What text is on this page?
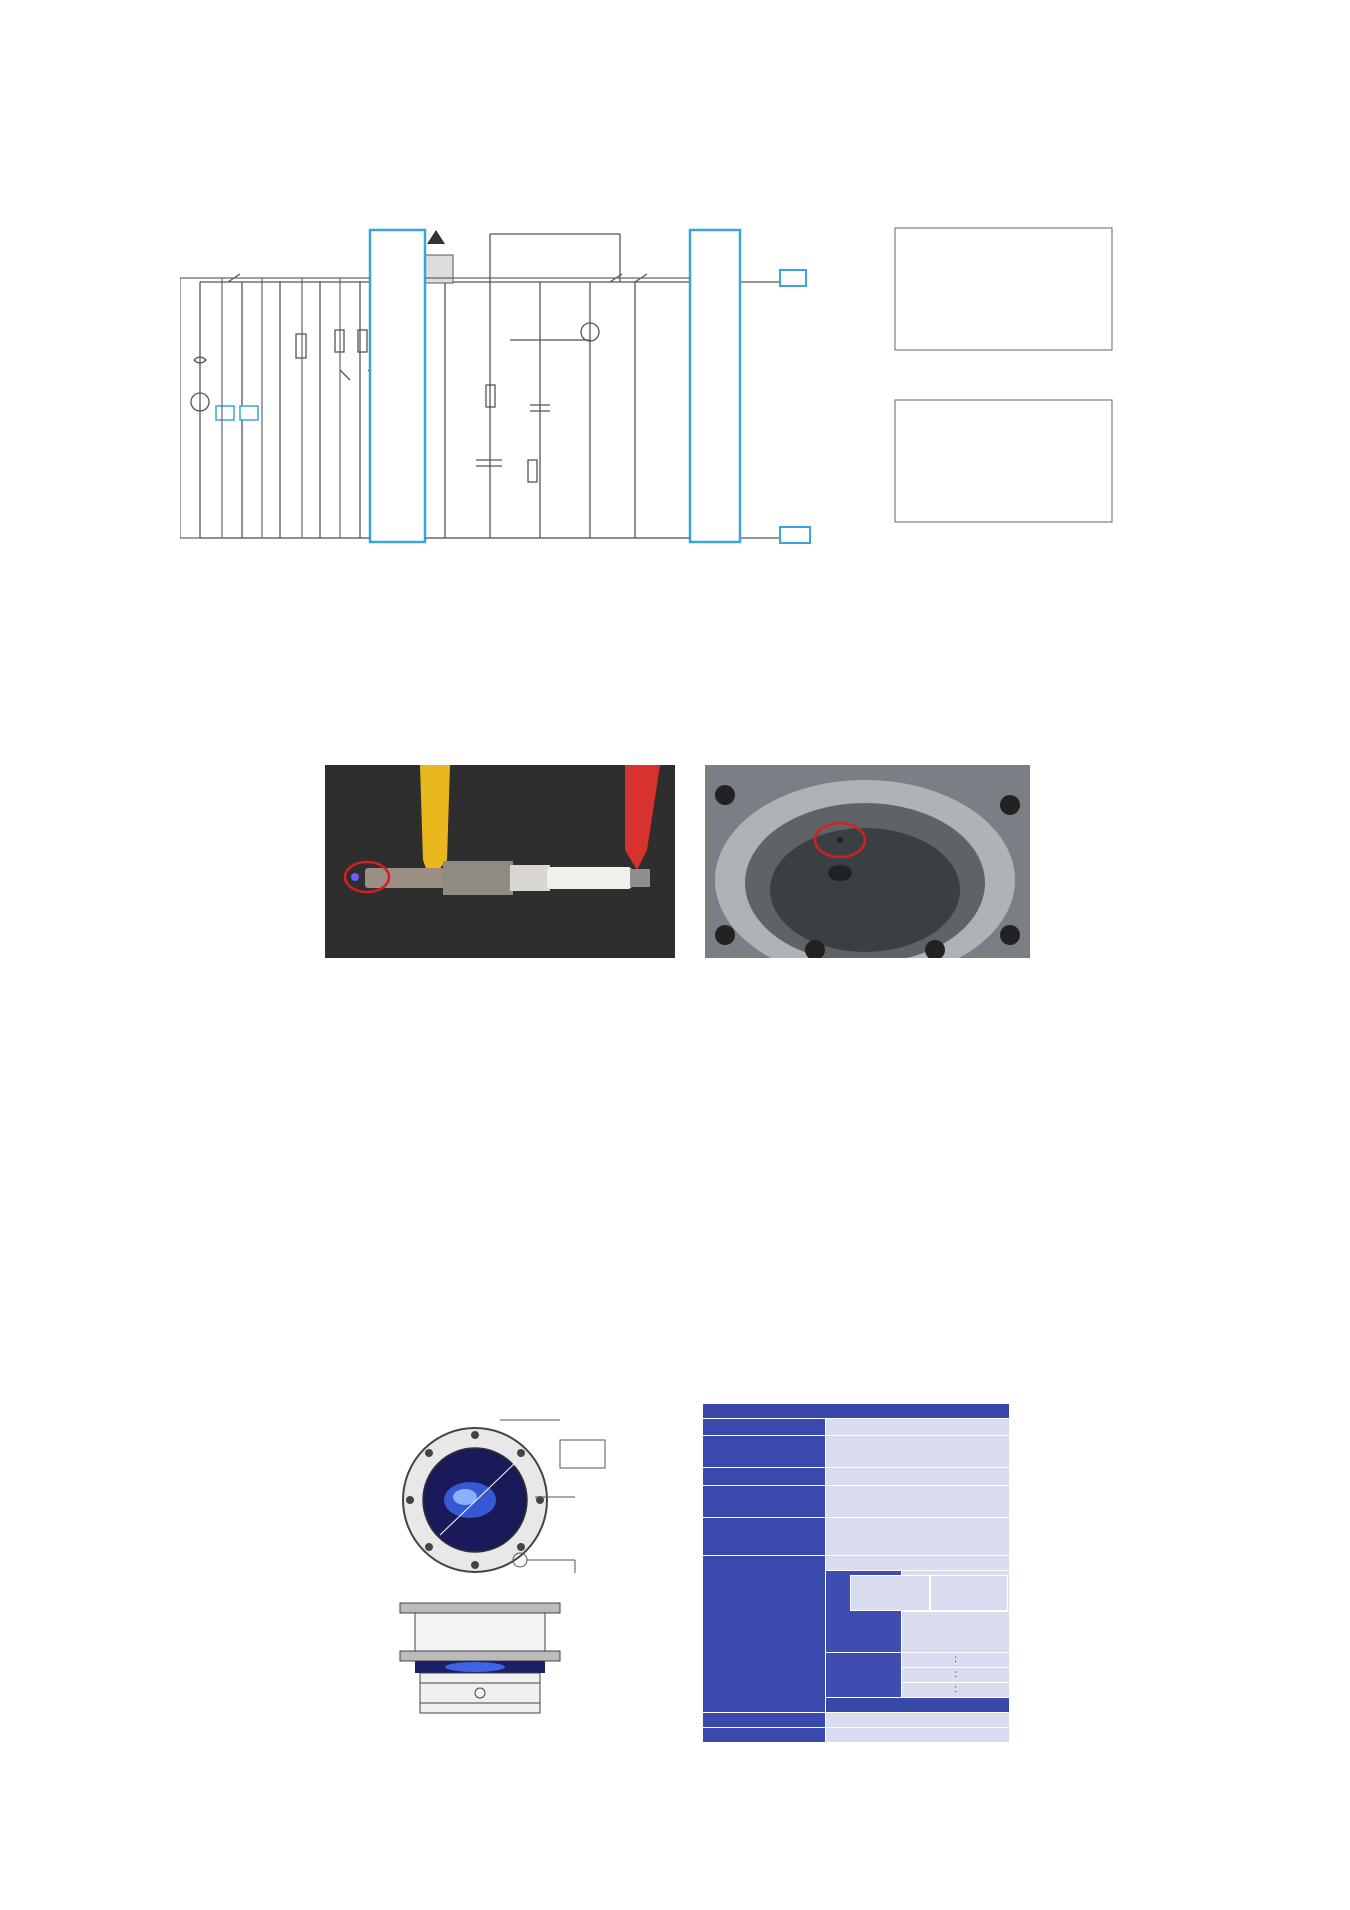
		:
		:
		:
